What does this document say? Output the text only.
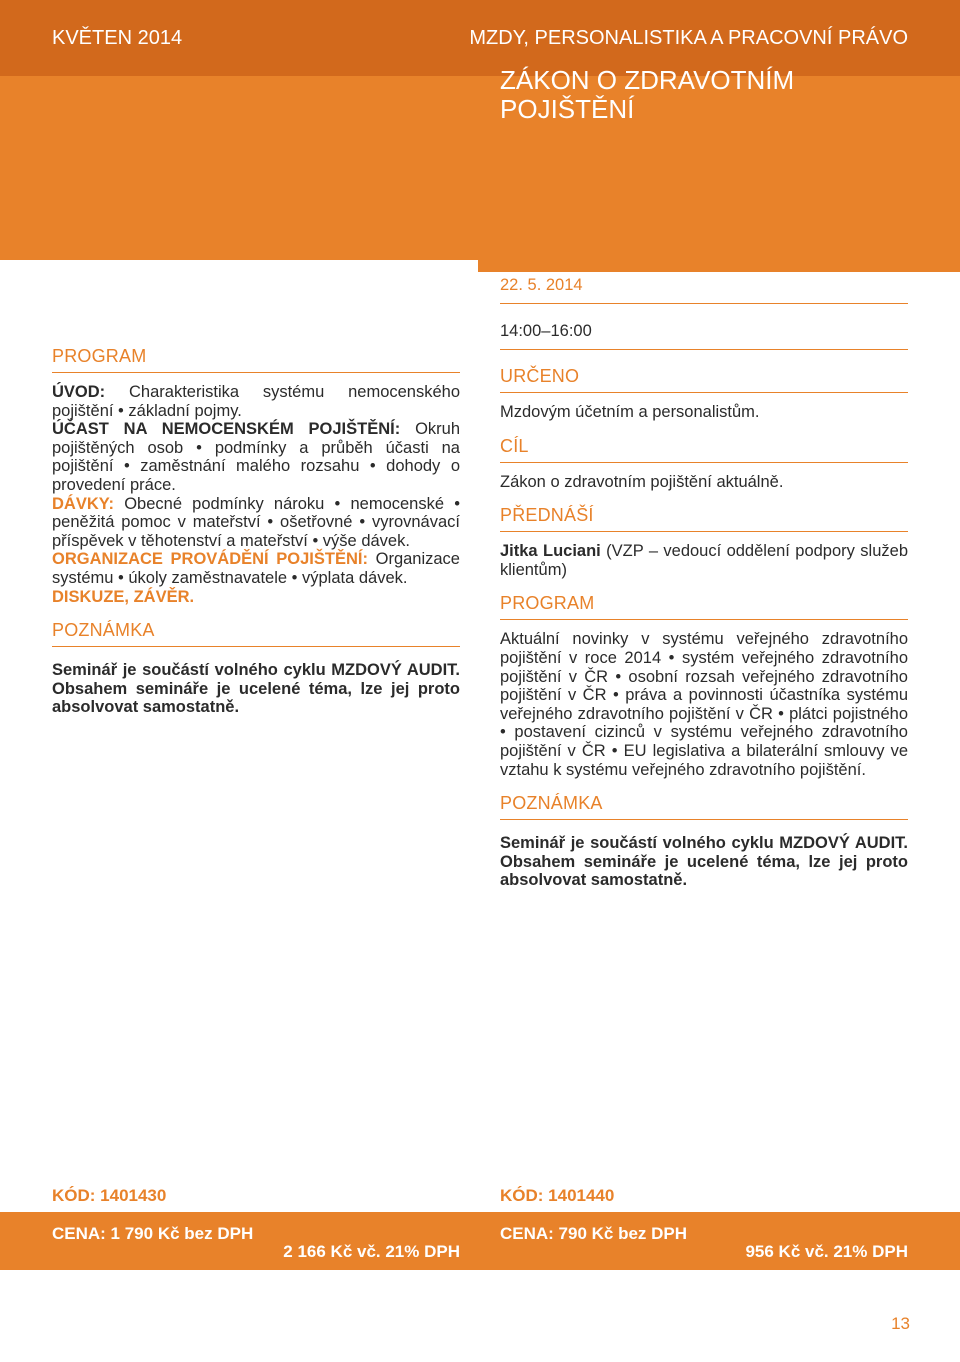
KVĚTEN 2014	MZDY, PERSONALISTIKA A PRACOVNÍ PRÁVO
ZÁKON O ZDRAVOTNÍM
POJIŠTĚNÍ
PROGRAM
ÚVOD: Charakteristika systému nemocenského pojištění • základní pojmy.
ÚČAST NA NEMOCENSKÉM POJIŠTĚNÍ: Okruh pojištěných osob • podmínky a průběh účasti na pojištění • zaměstnání malého rozsahu • dohody o provedení práce.
DÁVKY: Obecné podmínky nároku • nemocenské • peněžitá pomoc v mateřství • ošetřovné • vyrovnávací příspěvek v těhotenství a mateřství • výše dávek.
ORGANIZACE PROVÁDĚNÍ POJIŠTĚNÍ: Organizace systému • úkoly zaměstnavatele • výplata dávek.
DISKUZE, ZÁVĚR.
POZNÁMKA

Seminář je součástí volného cyklu MZDOVÝ AUDIT. Obsahem semináře je ucelené téma, lze jej proto absolvovat samostatně.

22. 5. 2014
14:00–16:00
URČENO

Mzdovým účetním a personalistům.

CÍL

Zákon o zdravotním pojištění aktuálně.

PŘEDNÁŠÍ

Jitka Luciani (VZP – vedoucí oddělení podpory služeb klientům)

PROGRAM

Aktuální novinky v systému veřejného zdravotního pojištění v roce 2014 • systém veřejného zdravotního pojištění v ČR • osobní rozsah veřejného zdravotního pojištění v ČR • práva a povinnosti účastníka systému veřejného zdravotního pojištění v ČR • plátci pojistného • postavení cizinců v systému veřejného zdravotního pojištění v ČR • EU legislativa a bilaterální smlouvy ve vztahu k systému veřejného zdravotního pojištění.

POZNÁMKA

Seminář je součástí volného cyklu MZDOVÝ AUDIT. Obsahem semináře je ucelené téma, lze jej proto absolvovat samostatně.

KÓD: 1401430	KÓD: 1401440
CENA: 1 790 Kč bez DPH
2 166 Kč vč. 21% DPH
CENA: 790 Kč bez DPH
956 Kč vč. 21% DPH
13
